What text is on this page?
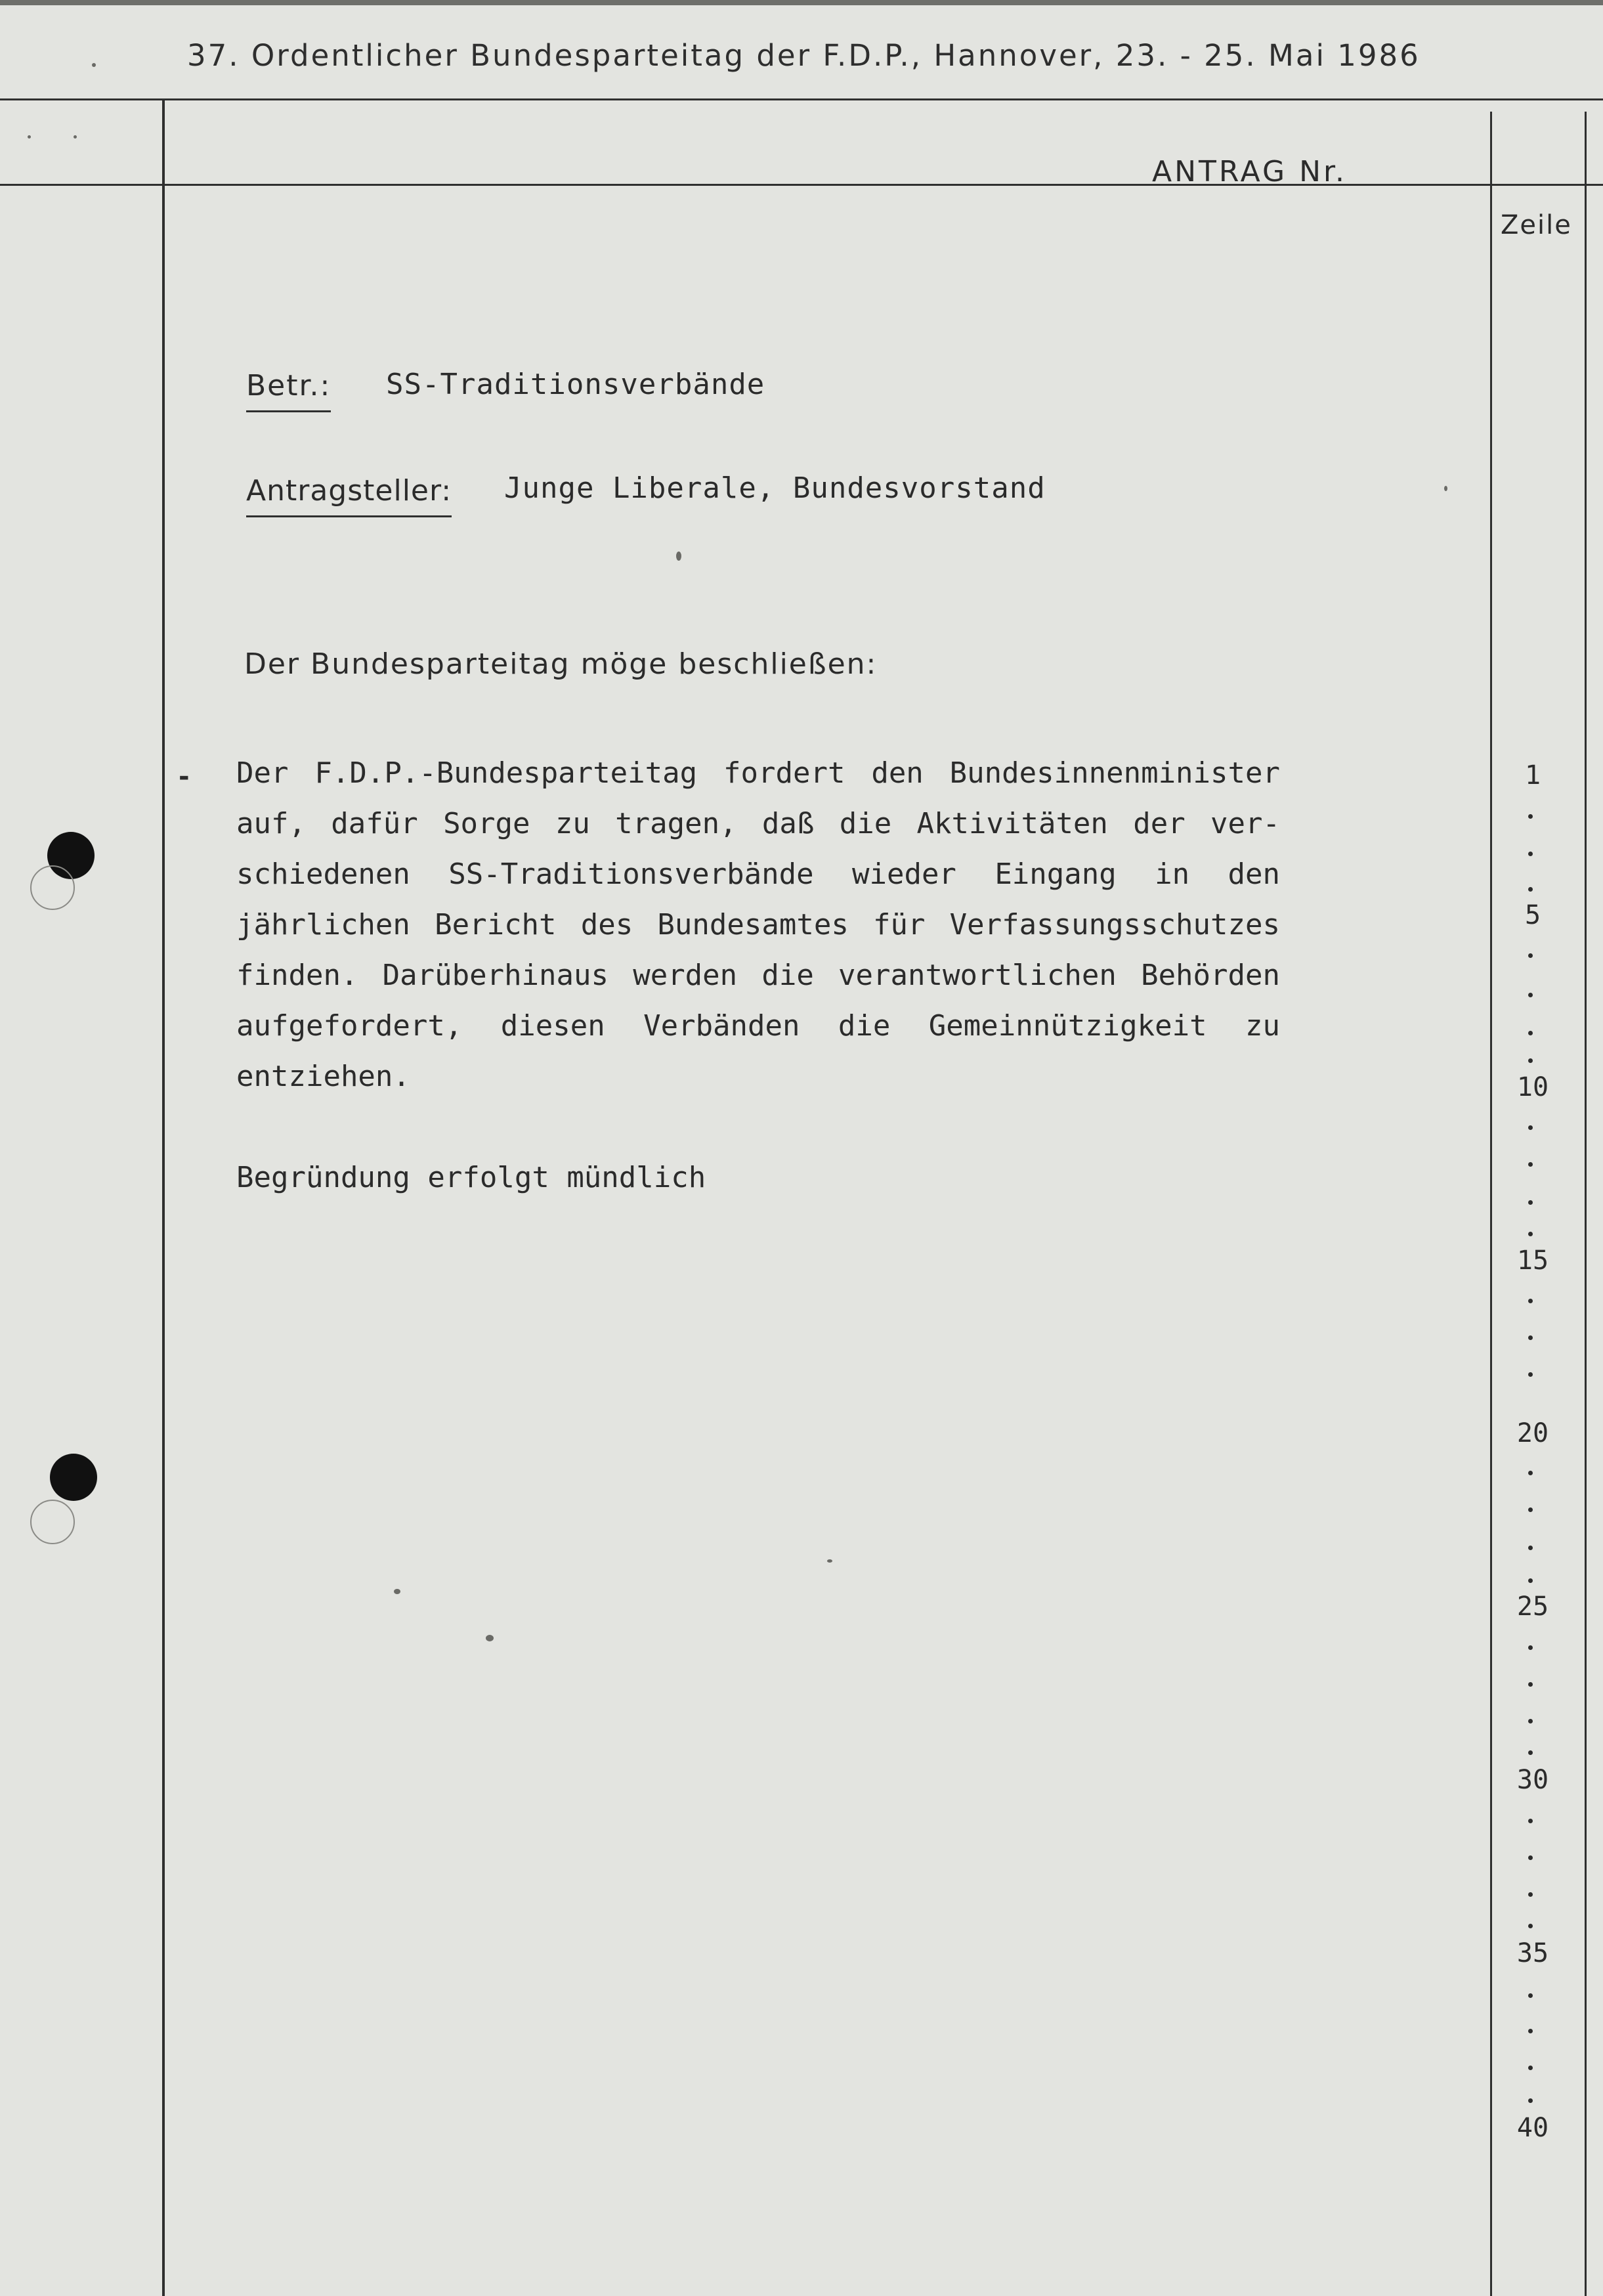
37. Ordentlicher Bundesparteitag der F.D.P., Hannover, 23. - 25. Mai 1986
ANTRAG Nr.
Zeile
Betr.: SS-Traditionsverbände
Antragsteller: Junge Liberale, Bundesvorstand
Der Bundesparteitag möge beschließen:
- Der F.D.P.-Bundesparteitag fordert den Bundesinnenminister
auf, dafür Sorge zu tragen, daß die Aktivitäten der ver-
schiedenen SS-Traditionsverbände wieder Eingang in den
jährlichen Bericht des Bundesamtes für Verfassungsschutzes
finden. Darüberhinaus werden die verantwortlichen Behörden
aufgefordert, diesen Verbänden die Gemeinnützigkeit zu
entziehen.
Begründung erfolgt mündlich
1
5
10
15
20
25
30
35
40
